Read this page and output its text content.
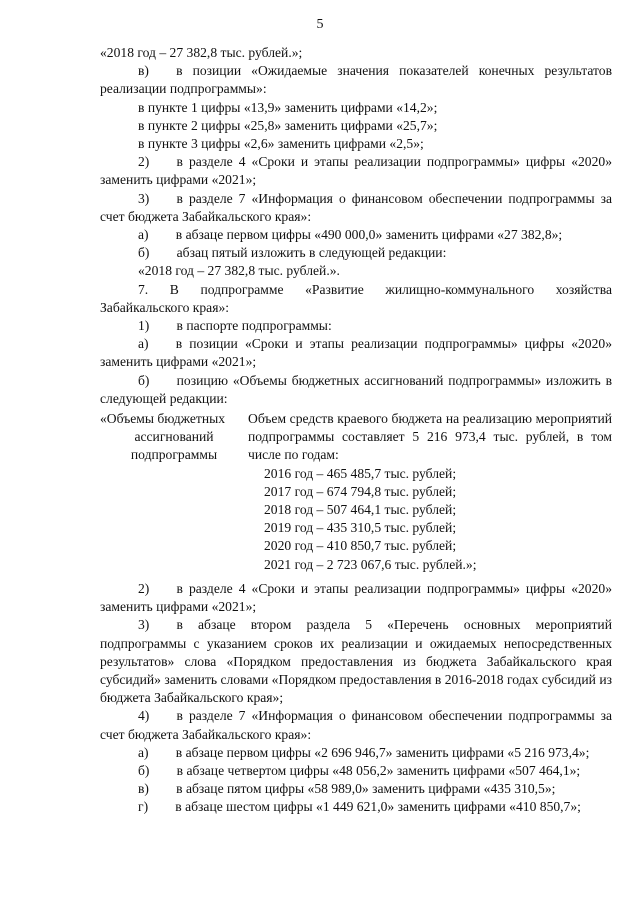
5

«2018 год – 27 382,8 тыс. рублей.»;

в)  в позиции «Ожидаемые значения показателей конечных результатов реализации подпрограммы»:

в пункте 1 цифры «13,9» заменить цифрами «14,2»;

в пункте 2 цифры «25,8» заменить цифрами «25,7»;

в пункте 3 цифры «2,6» заменить цифрами «2,5»;

2)  в разделе 4 «Сроки и этапы реализации подпрограммы» цифры «2020» заменить цифрами «2021»;

3)  в разделе 7 «Информация о финансовом обеспечении подпрограммы за счет бюджета Забайкальского края»:

а)  в абзаце первом цифры «490 000,0» заменить цифрами «27 382,8»;

б)  абзац пятый изложить в следующей редакции:

«2018 год – 27 382,8 тыс. рублей.».

7. В подпрограмме «Развитие жилищно-коммунального хозяйства Забайкальского края»:

1)  в паспорте подпрограммы:

а)  в позиции «Сроки и этапы реализации подпрограммы» цифры «2020» заменить цифрами «2021»;

б)  позицию «Объемы бюджетных ассигнований подпрограммы» изложить в следующей редакции:

«Объемы бюджетных
ассигнований
подпрограммы
Объем средств краевого бюджета на реализацию мероприятий подпрограммы составляет 5 216 973,4 тыс. рублей, в том числе по годам:
2016 год – 465 485,7 тыс. рублей;
2017 год – 674 794,8 тыс. рублей;
2018 год – 507 464,1 тыс. рублей;
2019 год – 435 310,5 тыс. рублей;
2020 год – 410 850,7 тыс. рублей;
2021 год – 2 723 067,6 тыс. рублей.»;

2)  в разделе 4 «Сроки и этапы реализации подпрограммы» цифры «2020» заменить цифрами «2021»;

3)  в абзаце втором раздела 5 «Перечень основных мероприятий подпрограммы с указанием сроков их реализации и ожидаемых непосредственных результатов» слова «Порядком предоставления из бюджета Забайкальского края субсидий» заменить словами «Порядком предоставления в 2016-2018 годах субсидий из бюджета Забайкальского края»;

4)  в разделе 7 «Информация о финансовом обеспечении подпрограммы за счет бюджета Забайкальского края»:

а)  в абзаце первом цифры «2 696 946,7» заменить цифрами «5 216 973,4»;

б)  в абзаце четвертом цифры «48 056,2» заменить цифрами «507 464,1»;

в)  в абзаце пятом цифры «58 989,0» заменить цифрами «435 310,5»;

г)  в абзаце шестом цифры «1 449 621,0» заменить цифрами «410 850,7»;
